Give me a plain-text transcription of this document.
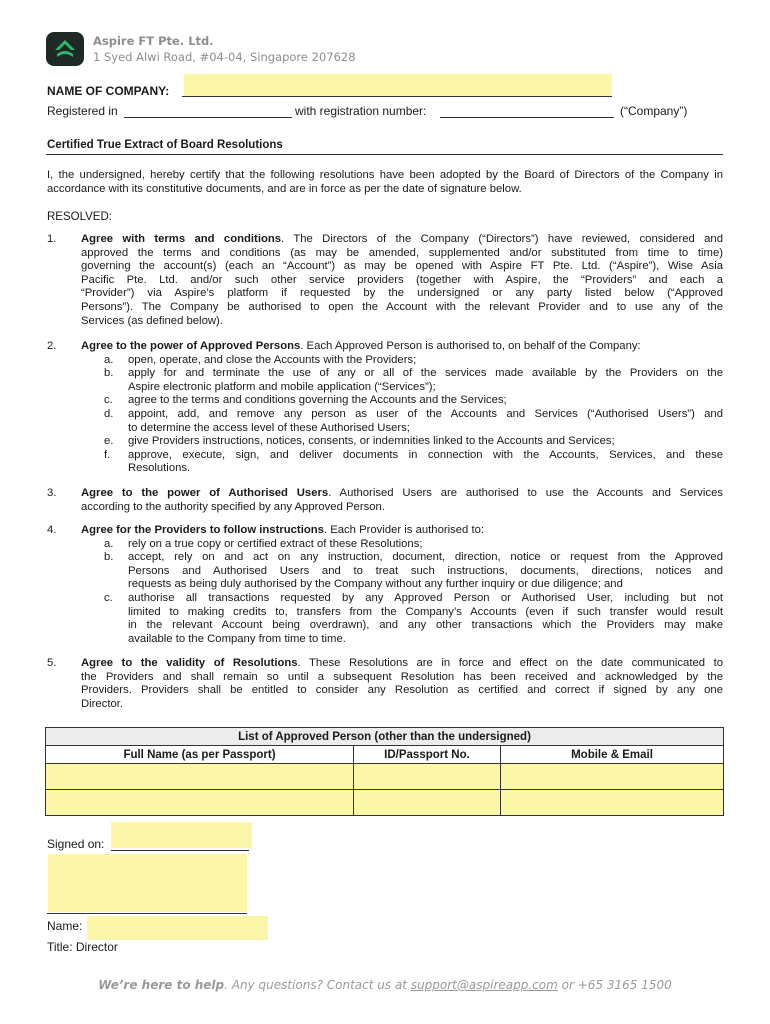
Aspire FT Pte. Ltd.
1 Syed Alwi Road, #04-04, Singapore 207628
NAME OF COMPANY:
Registered in	with registration number:	(“Company”)
Certified True Extract of Board Resolutions
I, the undersigned, hereby certify that the following resolutions have been adopted by the Board of Directors of the Company in accordance with its constitutive documents, and are in force as per the date of signature below.
RESOLVED:
1. Agree with terms and conditions. The Directors of the Company (“Directors”) have reviewed, considered and
approved the terms and conditions (as may be amended, supplemented and/or substituted from time to time)
governing the account(s) (each an “Account”) as may be opened with Aspire FT Pte. Ltd. (“Aspire”), Wise Asia
Pacific Pte. Ltd. and/or such other service providers (together with Aspire, the “Providers” and each a
“Provider”) via Aspire’s platform if requested by the undersigned or any party listed below (“Approved
Persons”). The Company be authorised to open the Account with the relevant Provider and to use any of the
Services (as defined below).
2. Agree to the power of Approved Persons. Each Approved Person is authorised to, on behalf of the Company:
a. open, operate, and close the Accounts with the Providers;
b. apply for and terminate the use of any or all of the services made available by the Providers on the
Aspire electronic platform and mobile application (“Services”);
c. agree to the terms and conditions governing the Accounts and the Services;
d. appoint, add, and remove any person as user of the Accounts and Services (“Authorised Users”) and
to determine the access level of these Authorised Users;
e. give Providers instructions, notices, consents, or indemnities linked to the Accounts and Services;
f. approve, execute, sign, and deliver documents in connection with the Accounts, Services, and these
Resolutions.
3. Agree to the power of Authorised Users. Authorised Users are authorised to use the Accounts and Services
according to the authority specified by any Approved Person.
4. Agree for the Providers to follow instructions. Each Provider is authorised to:
a. rely on a true copy or certified extract of these Resolutions;
b. accept, rely on and act on any instruction, document, direction, notice or request from the Approved
Persons and Authorised Users and to treat such instructions, documents, directions, notices and
requests as being duly authorised by the Company without any further inquiry or due diligence; and
c. authorise all transactions requested by any Approved Person or Authorised User, including but not
limited to making credits to, transfers from the Company’s Accounts (even if such transfer would result
in the relevant Account being overdrawn), and any other transactions which the Providers may make
available to the Company from time to time.
5. Agree to the validity of Resolutions. These Resolutions are in force and effect on the date communicated to
the Providers and shall remain so until a subsequent Resolution has been received and acknowledged by the
Providers. Providers shall be entitled to consider any Resolution as certified and correct if signed by any one
Director.
List of Approved Person (other than the undersigned)		
Full Name (as per Passport)	ID/Passport No.	Mobile & Email

Signed on:
Name:
Title: Director
We’re here to help. Any questions? Contact us at support@aspireapp.com or +65 3165 1500
